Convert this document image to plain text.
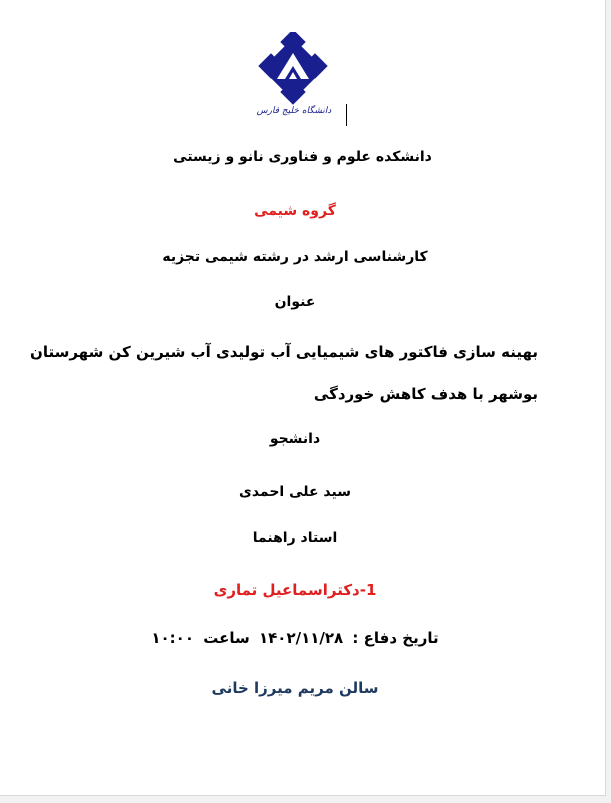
دانشگاه خلیج فارس
دانشکده علوم و فناوری نانو و زیستی
گروه شیمی
کارشناسی ارشد در رشته شیمی تجزیه
عنوان
بهینه سازی فاکتور های شیمیایی آب تولیدی آب شیرین کن شهرستان
بوشهر با هدف کاهش خوردگی
دانشجو
سید علی احمدی
استاد راهنما
1-دکتراسماعیل تماری
تاریخ دفاع : ۱۴۰۲/۱۱/۲۸ ساعت ۱۰:۰۰
سالن مریم میرزا خانی
